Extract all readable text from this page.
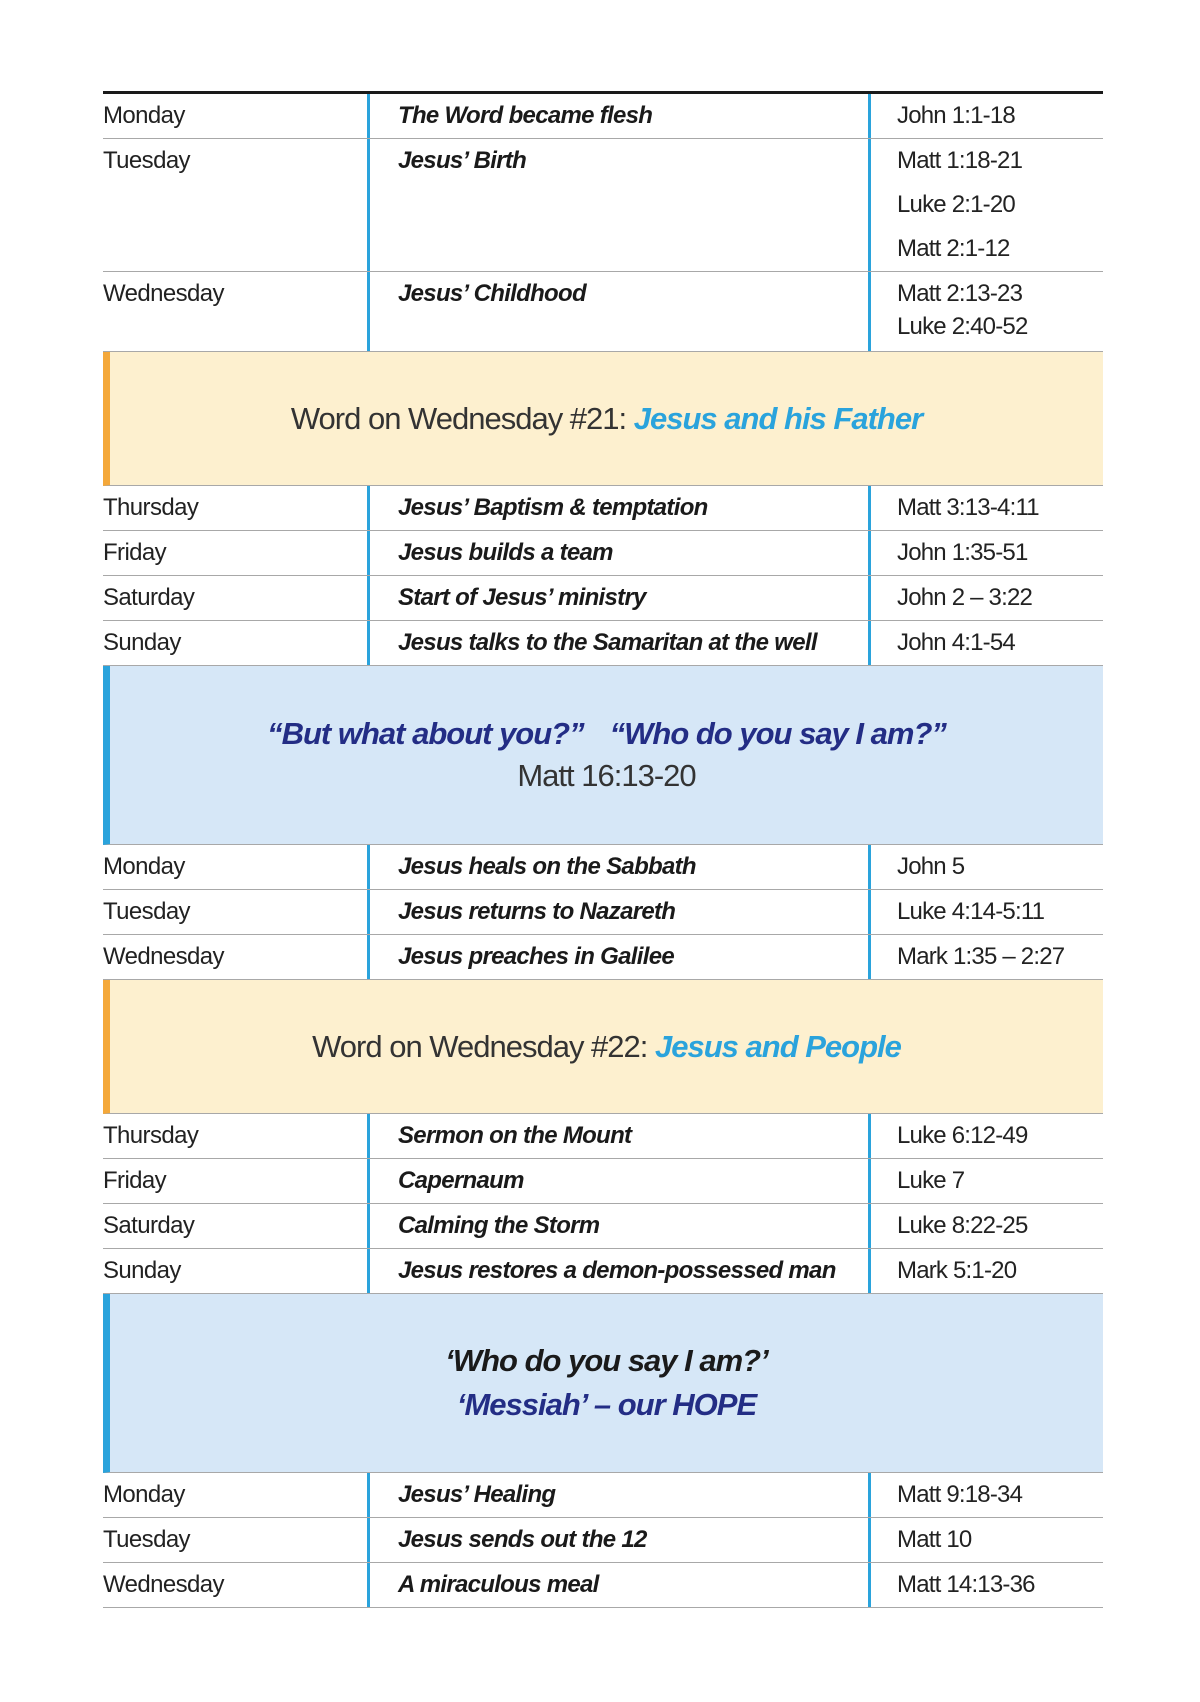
Monday	The Word became flesh	John 1:1-18
Tuesday	Jesus’ Birth	Matt 1:18-21
Luke 2:1-20
Matt 2:1-12
Wednesday	Jesus’ Childhood	Matt 2:13-23
Luke 2:40-52
Word on Wednesday #21: Jesus and his Father
Thursday	Jesus’ Baptism & temptation	Matt 3:13-4:11
Friday	Jesus builds a team	John 1:35-51
Saturday	Start of Jesus’ ministry	John 2 – 3:22
Sunday	Jesus talks to the Samaritan at the well	John 4:1-54
“But what about you?” “Who do you say I am?”
Matt 16:13-20
Monday	Jesus heals on the Sabbath	John 5
Tuesday	Jesus returns to Nazareth	Luke 4:14-5:11
Wednesday	Jesus preaches in Galilee	Mark 1:35 – 2:27
Word on Wednesday #22: Jesus and People
Thursday	Sermon on the Mount	Luke 6:12-49
Friday	Capernaum	Luke 7
Saturday	Calming the Storm	Luke 8:22-25
Sunday	Jesus restores a demon-possessed man	Mark 5:1-20
‘Who do you say I am?’
‘Messiah’ – our HOPE
Monday	Jesus’ Healing	Matt 9:18-34
Tuesday	Jesus sends out the 12	Matt 10
Wednesday	A miraculous meal	Matt 14:13-36
